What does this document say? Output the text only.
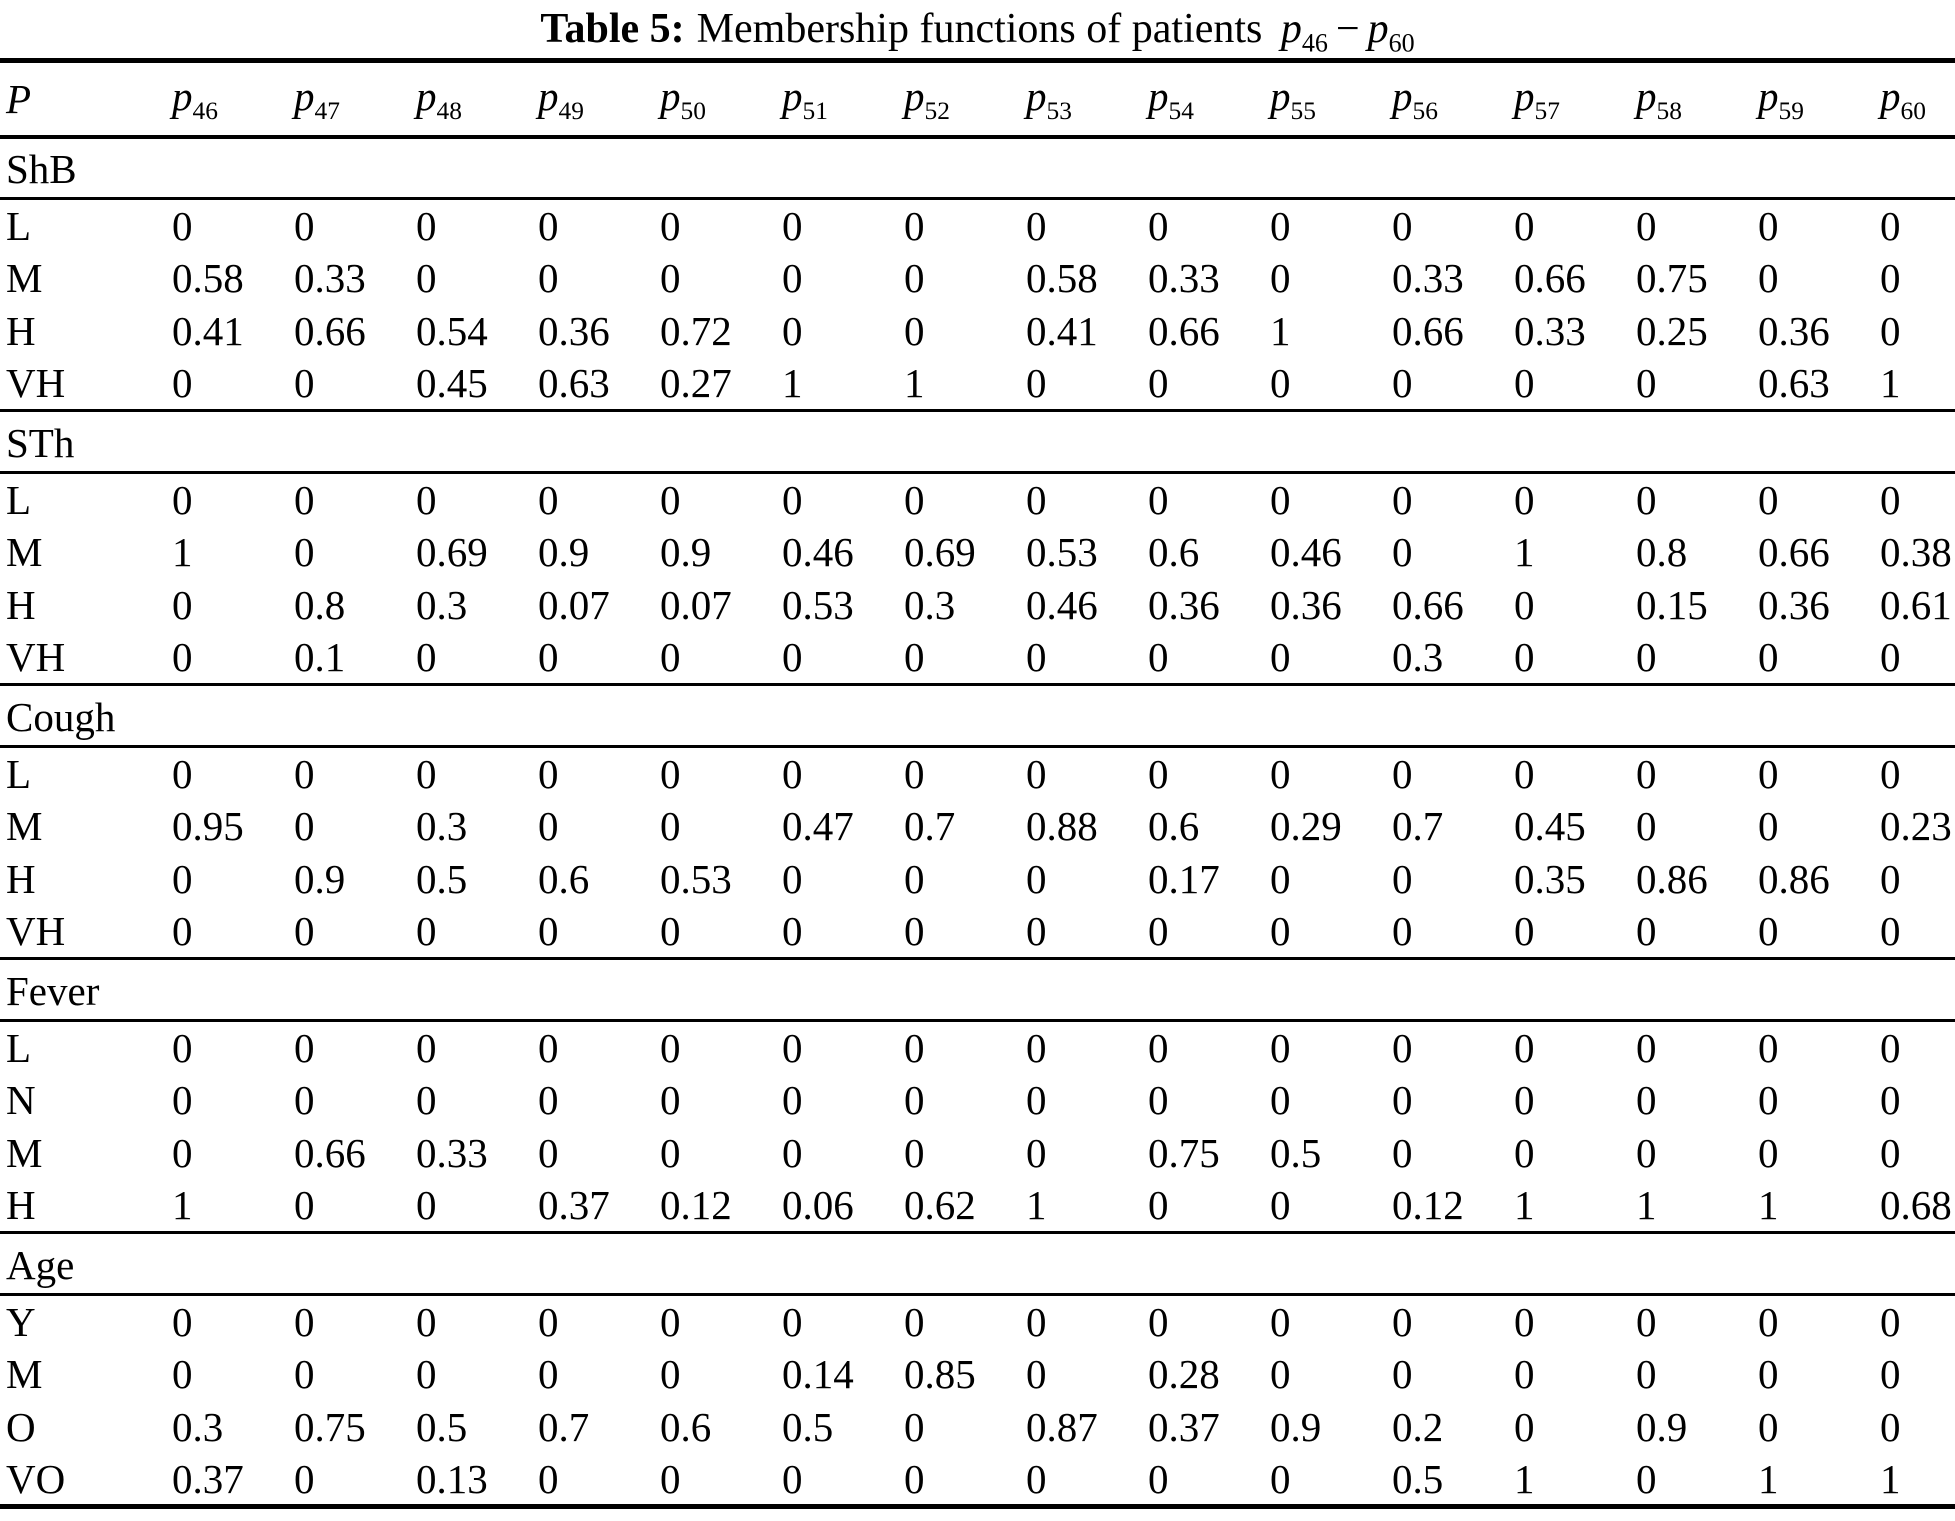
Table 5: Membership functions of patients $p_{46} - p_{60}$
P	$p_{46}$	$p_{47}$	$p_{48}$	$p_{49}$	$p_{50}$	$p_{51}$	$p_{52}$	$p_{53}$	$p_{54}$	$p_{55}$	$p_{56}$	$p_{57}$	$p_{58}$	$p_{59}$	$p_{60}$
ShB															
L	0	0	0	0	0	0	0	0	0	0	0	0	0	0	0
M	0.58	0.33	0	0	0	0	0	0.58	0.33	0	0.33	0.66	0.75	0	0
H	0.41	0.66	0.54	0.36	0.72	0	0	0.41	0.66	1	0.66	0.33	0.25	0.36	0
VH	0	0	0.45	0.63	0.27	1	1	0	0	0	0	0	0	0.63	1
STh															
L	0	0	0	0	0	0	0	0	0	0	0	0	0	0	0
M	1	0	0.69	0.9	0.9	0.46	0.69	0.53	0.6	0.46	0	1	0.8	0.66	0.38
H	0	0.8	0.3	0.07	0.07	0.53	0.3	0.46	0.36	0.36	0.66	0	0.15	0.36	0.61
VH	0	0.1	0	0	0	0	0	0	0	0	0.3	0	0	0	0
Cough															
L	0	0	0	0	0	0	0	0	0	0	0	0	0	0	0
M	0.95	0	0.3	0	0	0.47	0.7	0.88	0.6	0.29	0.7	0.45	0	0	0.23
H	0	0.9	0.5	0.6	0.53	0	0	0	0.17	0	0	0.35	0.86	0.86	0
VH	0	0	0	0	0	0	0	0	0	0	0	0	0	0	0
Fever															
L	0	0	0	0	0	0	0	0	0	0	0	0	0	0	0
N	0	0	0	0	0	0	0	0	0	0	0	0	0	0	0
M	0	0.66	0.33	0	0	0	0	0	0.75	0.5	0	0	0	0	0
H	1	0	0	0.37	0.12	0.06	0.62	1	0	0	0.12	1	1	1	0.68
Age															
Y	0	0	0	0	0	0	0	0	0	0	0	0	0	0	0
M	0	0	0	0	0	0.14	0.85	0	0.28	0	0	0	0	0	0
O	0.3	0.75	0.5	0.7	0.6	0.5	0	0.87	0.37	0.9	0.2	0	0.9	0	0
VO	0.37	0	0.13	0	0	0	0	0	0	0	0.5	1	0	1	1
